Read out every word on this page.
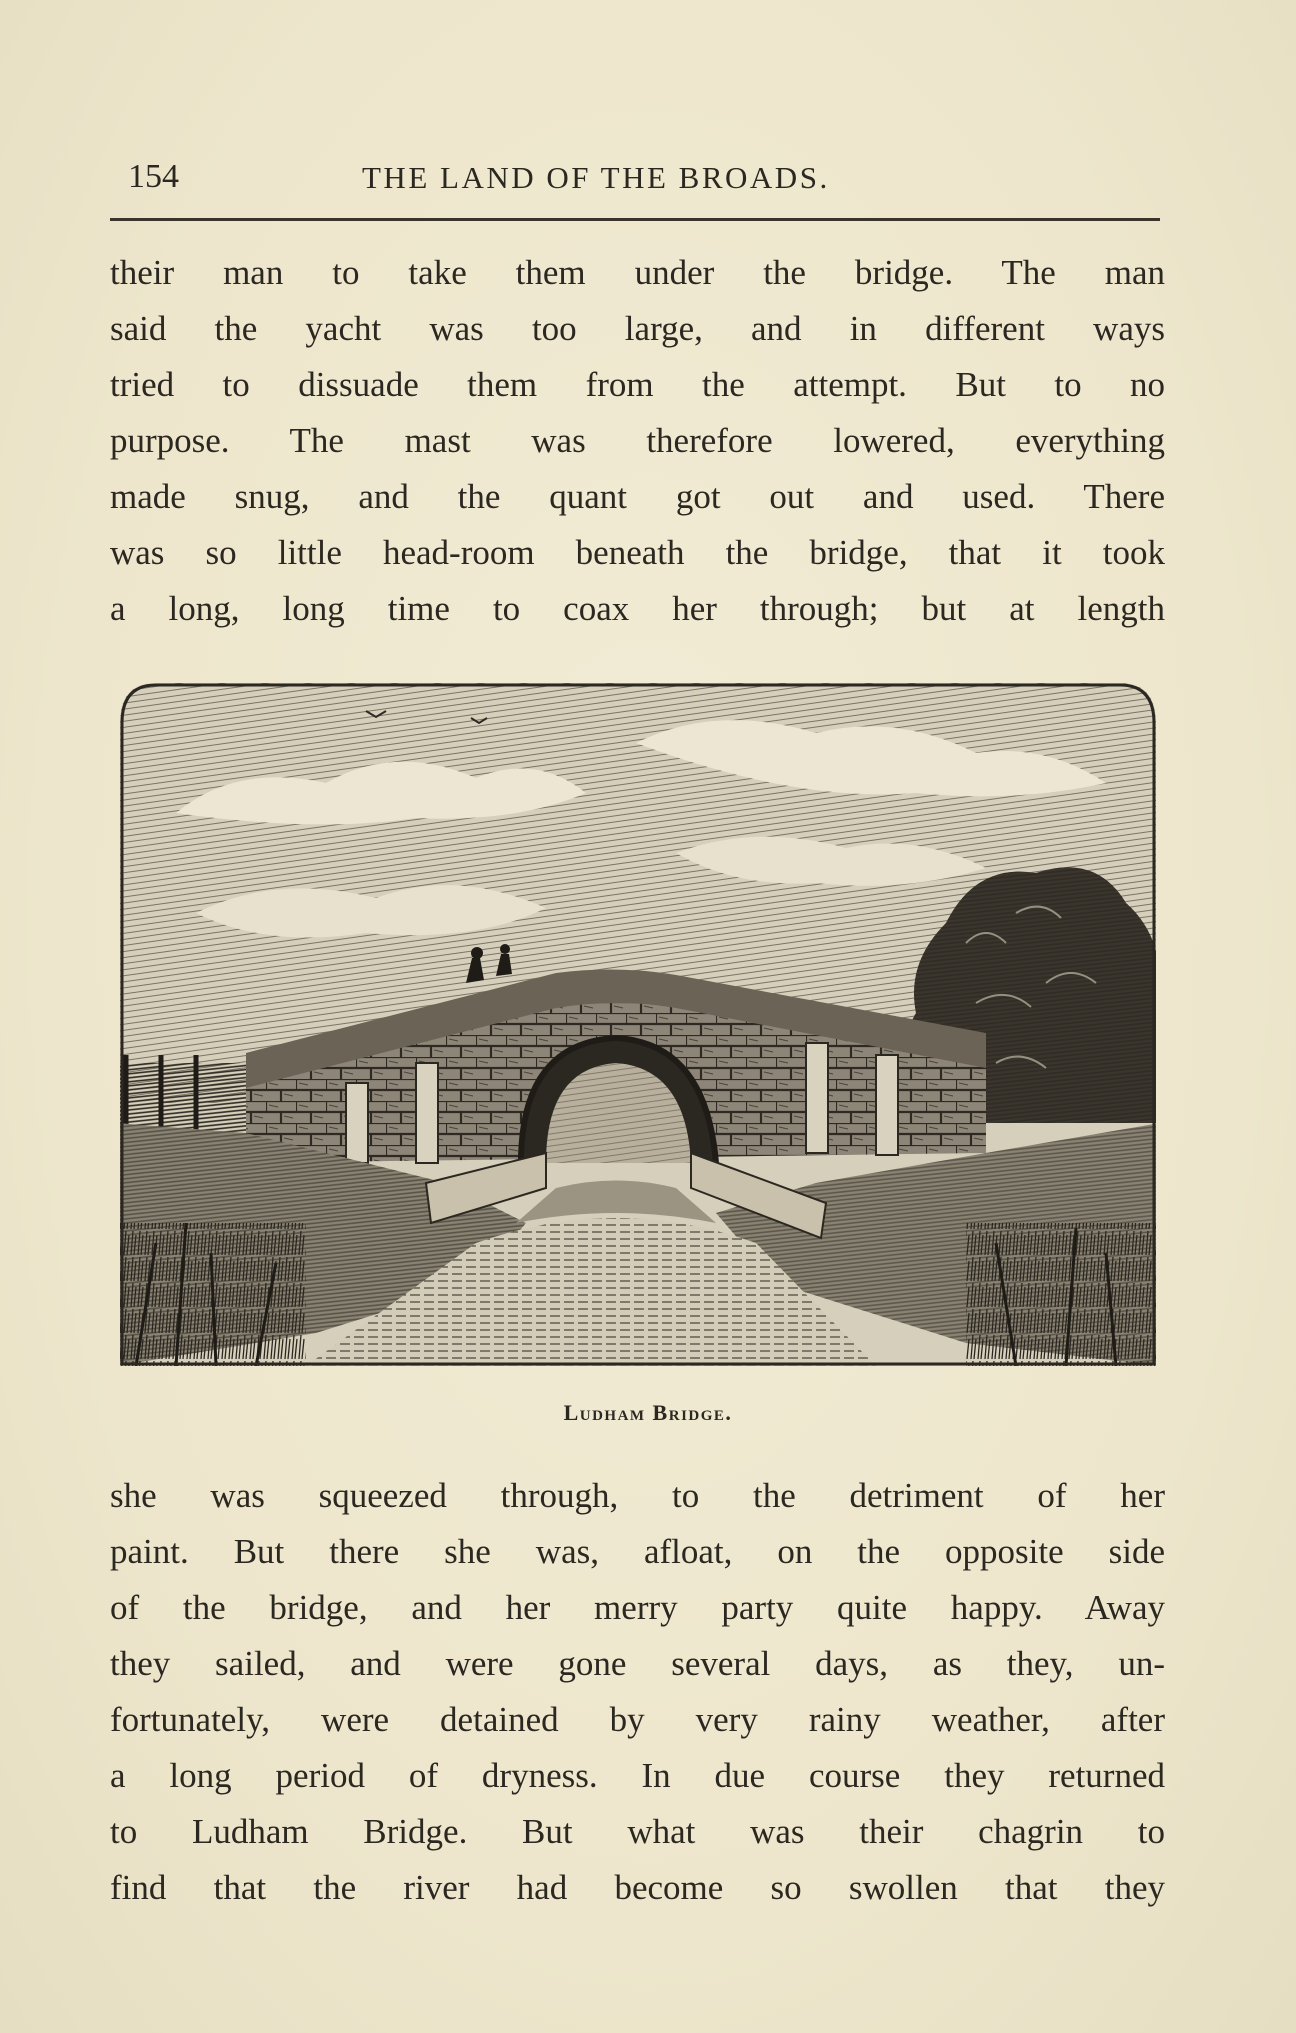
154	THE LAND OF THE BROADS.
their man to take them under the bridge. The man
said the yacht was too large, and in different ways
tried to dissuade them from the attempt. But to no
purpose. The mast was therefore lowered, everything
made snug, and the quant got out and used. There
was so little head-room beneath the bridge, that it took
a long, long time to coax her through; but at length
Ludham Bridge.
she was squeezed through, to the detriment of her
paint. But there she was, afloat, on the opposite side
of the bridge, and her merry party quite happy. Away
they sailed, and were gone several days, as they, un-
fortunately, were detained by very rainy weather, after
a long period of dryness. In due course they returned
to Ludham Bridge. But what was their chagrin to
find that the river had become so swollen that they
